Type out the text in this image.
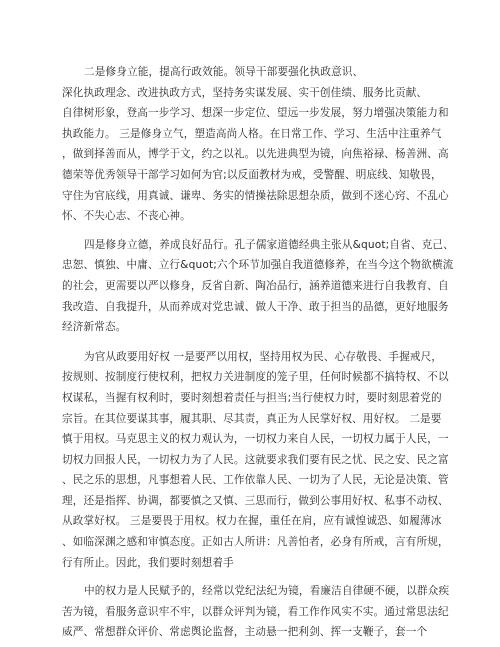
二是修身立能，提高行政效能。领导干部要强化执政意识、
深化执政理念、改进执政方式，坚持务实谋发展、实干创佳绩、服务比贡献、
自律树形象，登高一步学习、想深一步定位、望远一步发展，努力增强决策能力和
执政能力。 三是修身立气，塑造高尚人格。在日常工作、学习、生活中注重养气
，做到择善而从，博学于文，约之以礼。以先进典型为镜，向焦裕禄、杨善洲、高
德荣等优秀领导干部学习如何为官;以反面教材为戒，受警醒、明底线、知敬畏，
守住为官底线，用真诚、谦卑、务实的情操祛除思想杂质，做到不迷心窍、不乱心
怀、不失心志、不丧心神。

四是修身立德，养成良好品行。孔子儒家道德经典主张从&quot;自省、克己、
忠恕、慎独、中庸、立行&quot;六个环节加强自我道德修养，在当今这个物欲横流
的社会，更需要以严以修身，反省自新、陶冶品行，涵养道德来进行自我教育、自
我改造、自我提升，从而养成对党忠诚、做人干净、敢于担当的品德，更好地服务
经济新常态。

为官从政要用好权 一是要严以用权，坚持用权为民、心存敬畏、手握戒尺，
按规则、按制度行使权利，把权力关进制度的笼子里，任何时候都不搞特权、不以
权谋私，当握有权利时，要时刻想着责任与担当;当行使权力时，要时刻思着党的
宗旨。在其位要谋其事，履其职、尽其责，真正为人民掌好权、用好权。 二是要
慎于用权。马克思主义的权力观认为，一切权力来自人民，一切权力属于人民，一
切权力回报人民，一切权力为了人民。这就要求我们要有民之忧、民之安、民之富
、民之乐的思想，凡事想着人民、工作依靠人民、一切为了人民，无论是决策、管
理，还是指挥、协调，都要慎之又慎、三思而行，做到公事用好权、私事不动权、
从政掌好权。 三是要畏于用权。权力在握，重任在肩，应有诚惶诚恐、如履薄冰
、如临深渊之感和审慎态度。正如古人所讲：凡善怕者，必身有所戒，言有所规，
行有所止。因此，我们要时刻想着手

中的权力是人民赋予的，经常以党纪法纪为镜，看廉洁自律硬不硬，以群众疾
苦为镜，看服务意识牢不牢，以群众评判为镜，看工作作风实不实。通过常思法纪
威严、常想群众评价、常虑舆论监督，主动悬一把利剑、挥一支鞭子，套一个
